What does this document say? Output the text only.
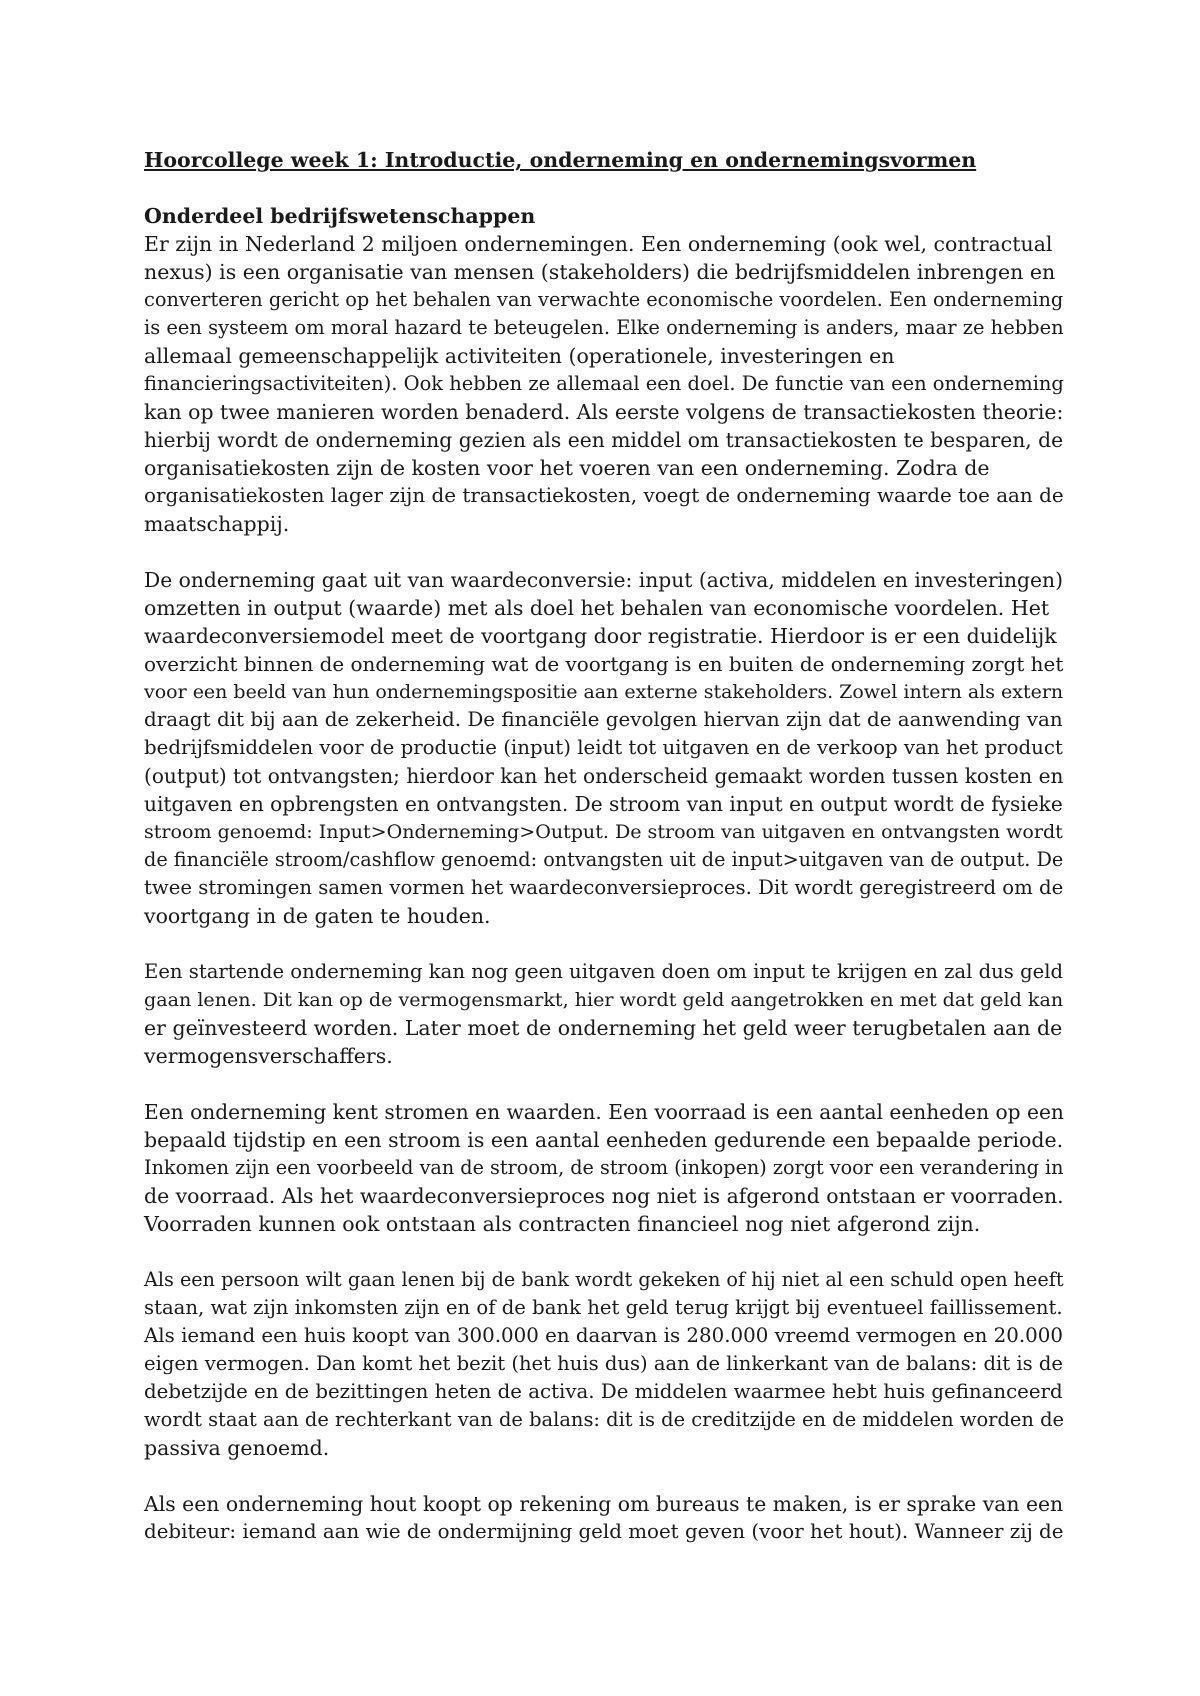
Hoorcollege week 1: Introductie, onderneming en ondernemingsvormen
Onderdeel bedrijfswetenschappen
Er zijn in Nederland 2 miljoen ondernemingen. Een onderneming (ook wel, contractual
nexus) is een organisatie van mensen (stakeholders) die bedrijfsmiddelen inbrengen en
converteren gericht op het behalen van verwachte economische voordelen. Een onderneming
is een systeem om moral hazard te beteugelen. Elke onderneming is anders, maar ze hebben
allemaal gemeenschappelijk activiteiten (operationele, investeringen en
financieringsactiviteiten). Ook hebben ze allemaal een doel. De functie van een onderneming
kan op twee manieren worden benaderd. Als eerste volgens de transactiekosten theorie:
hierbij wordt de onderneming gezien als een middel om transactiekosten te besparen, de
organisatiekosten zijn de kosten voor het voeren van een onderneming. Zodra de
organisatiekosten lager zijn de transactiekosten, voegt de onderneming waarde toe aan de
maatschappij.
De onderneming gaat uit van waardeconversie: input (activa, middelen en investeringen)
omzetten in output (waarde) met als doel het behalen van economische voordelen. Het
waardeconversiemodel meet de voortgang door registratie. Hierdoor is er een duidelijk
overzicht binnen de onderneming wat de voortgang is en buiten de onderneming zorgt het
voor een beeld van hun ondernemingspositie aan externe stakeholders. Zowel intern als extern
draagt dit bij aan de zekerheid. De financiële gevolgen hiervan zijn dat de aanwending van
bedrijfsmiddelen voor de productie (input) leidt tot uitgaven en de verkoop van het product
(output) tot ontvangsten; hierdoor kan het onderscheid gemaakt worden tussen kosten en
uitgaven en opbrengsten en ontvangsten. De stroom van input en output wordt de fysieke
stroom genoemd: Input>Onderneming>Output. De stroom van uitgaven en ontvangsten wordt
de financiële stroom/cashflow genoemd: ontvangsten uit de input>uitgaven van de output. De
twee stromingen samen vormen het waardeconversieproces. Dit wordt geregistreerd om de
voortgang in de gaten te houden.
Een startende onderneming kan nog geen uitgaven doen om input te krijgen en zal dus geld
gaan lenen. Dit kan op de vermogensmarkt, hier wordt geld aangetrokken en met dat geld kan
er geïnvesteerd worden. Later moet de onderneming het geld weer terugbetalen aan de
vermogensverschaffers.
Een onderneming kent stromen en waarden. Een voorraad is een aantal eenheden op een
bepaald tijdstip en een stroom is een aantal eenheden gedurende een bepaalde periode.
Inkomen zijn een voorbeeld van de stroom, de stroom (inkopen) zorgt voor een verandering in
de voorraad. Als het waardeconversieproces nog niet is afgerond ontstaan er voorraden.
Voorraden kunnen ook ontstaan als contracten financieel nog niet afgerond zijn.
Als een persoon wilt gaan lenen bij de bank wordt gekeken of hij niet al een schuld open heeft
staan, wat zijn inkomsten zijn en of de bank het geld terug krijgt bij eventueel faillissement.
Als iemand een huis koopt van 300.000 en daarvan is 280.000 vreemd vermogen en 20.000
eigen vermogen. Dan komt het bezit (het huis dus) aan de linkerkant van de balans: dit is de
debetzijde en de bezittingen heten de activa. De middelen waarmee hebt huis gefinanceerd
wordt staat aan de rechterkant van de balans: dit is de creditzijde en de middelen worden de
passiva genoemd.
Als een onderneming hout koopt op rekening om bureaus te maken, is er sprake van een
debiteur: iemand aan wie de ondermijning geld moet geven (voor het hout). Wanneer zij de
